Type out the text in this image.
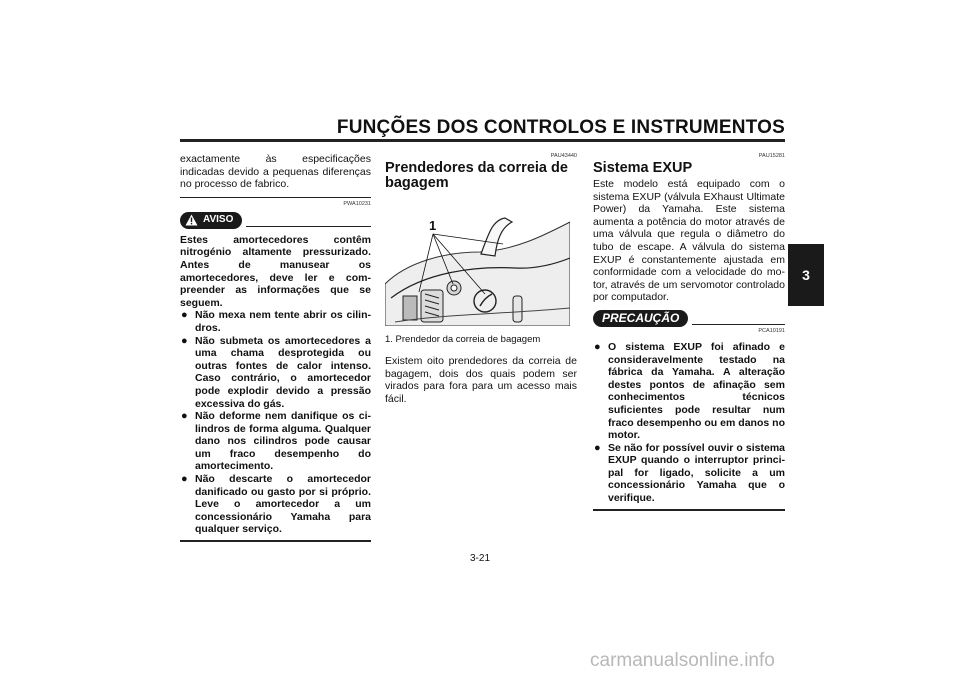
FUNÇÕES DOS CONTROLOS E INSTRUMENTOS
3
exactamente às especificações indicadas devido a pequenas diferenças no processo de fabrico.
PWA10231
AVISO
Estes amortecedores contêm nitrogénio altamente pressurizado. Antes de manusear os amortecedores, deve ler e compreender as informações que se seguem.
● Não mexa nem tente abrir os cilindros.
● Não submeta os amortecedores a uma chama desprotegida ou outras fontes de calor intenso. Caso contrário, o amortecedor pode explodir devido a pressão excessiva do gás.
● Não deforme nem danifique os cilindros de forma alguma. Qualquer dano nos cilindros pode causar um fraco desempenho do amortecimento.
● Não descarte o amortecedor danificado ou gasto por si próprio. Leve o amortecedor a um concessionário Yamaha para qualquer serviço.
PAU43440
Prendedores da correia de bagagem
1
1. Prendedor da correia de bagagem
Existem oito prendedores da correia de bagagem, dois dos quais podem ser virados para fora para um acesso mais fácil.
PAU15281
Sistema EXUP
Este modelo está equipado com o sistema EXUP (válvula EXhaust Ultimate Power) da Yamaha. Este sistema aumenta a potência do motor através de uma válvula que regula o diâmetro do tubo de escape. A válvula do sistema EXUP é constantemente ajustada em conformidade com a velocidade do motor, através de um servomotor controlado por computador.
PRECAUÇÃO
PCA10191
● O sistema EXUP foi afinado e consideravelmente testado na fábrica da Yamaha. A alteração destes pontos de afinação sem conhecimentos técnicos suficientes pode resultar num fraco desempenho ou em danos no motor.
● Se não for possível ouvir o sistema EXUP quando o interruptor principal for ligado, solicite a um concessionário Yamaha que o verifique.
3-21
carmanualsonline.info
